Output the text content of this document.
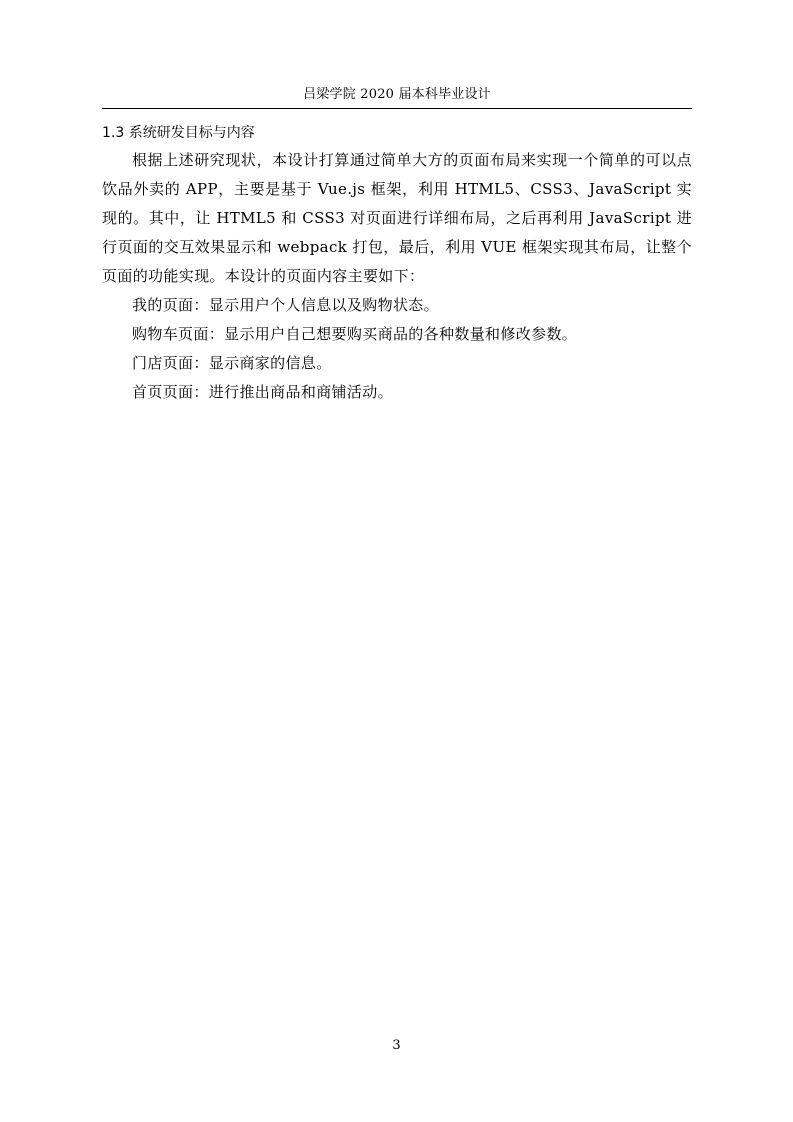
吕梁学院 2020 届本科毕业设计
1.3 系统研发目标与内容

根据上述研究现状，本设计打算通过简单大方的页面布局来实现一个简单的可以点饮品外卖的 APP，主要是基于 Vue.js 框架，利用 HTML5、CSS3、JavaScript 实现的。其中，让 HTML5 和 CSS3 对页面进行详细布局，之后再利用 JavaScript 进行页面的交互效果显示和 webpack 打包，最后，利用 VUE 框架实现其布局，让整个页面的功能实现。本设计的页面内容主要如下：

我的页面：显示用户个人信息以及购物状态。

购物车页面：显示用户自己想要购买商品的各种数量和修改参数。

门店页面：显示商家的信息。

首页页面：进行推出商品和商铺活动。

3
